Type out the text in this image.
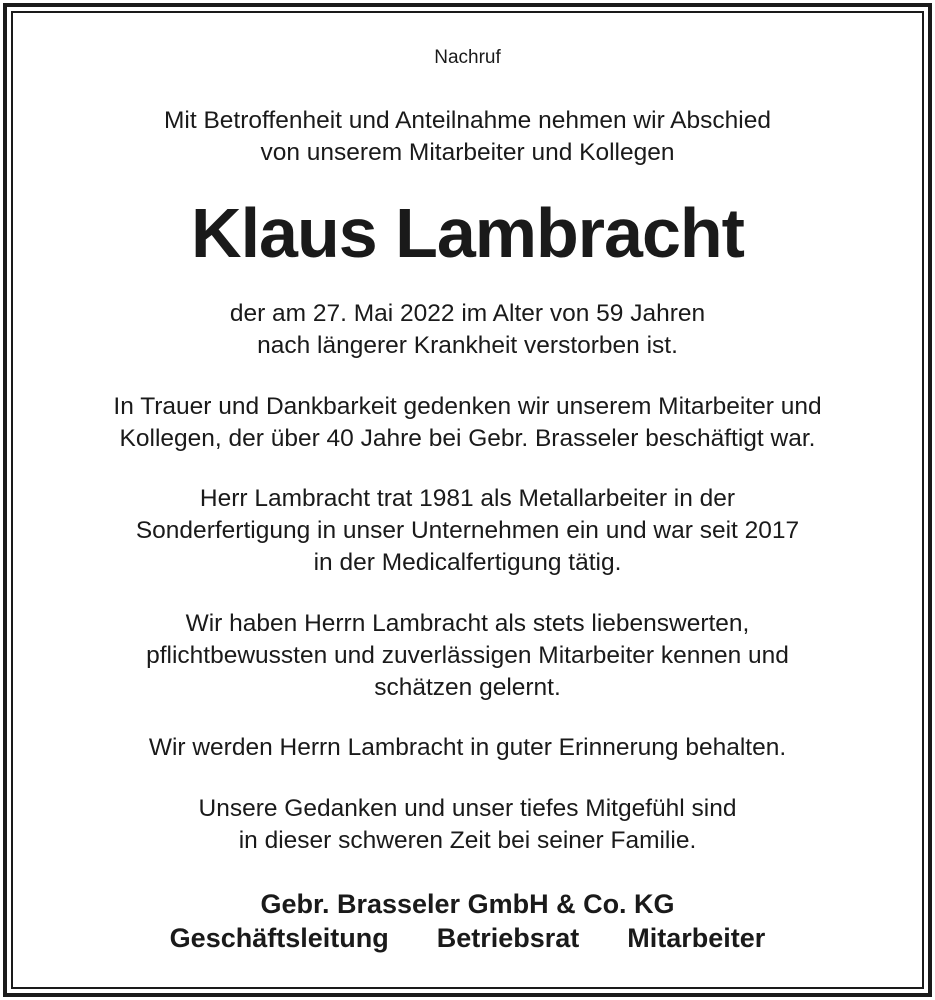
Nachruf
Mit Betroffenheit und Anteilnahme nehmen wir Abschied
von unserem Mitarbeiter und Kollegen
Klaus Lambracht
der am 27. Mai 2022 im Alter von 59 Jahren
nach längerer Krankheit verstorben ist.
In Trauer und Dankbarkeit gedenken wir unserem Mitarbeiter und
Kollegen, der über 40 Jahre bei Gebr. Brasseler beschäftigt war.
Herr Lambracht trat 1981 als Metallarbeiter in der
Sonderfertigung in unser Unternehmen ein und war seit 2017
in der Medicalfertigung tätig.
Wir haben Herrn Lambracht als stets liebenswerten,
pflichtbewussten und zuverlässigen Mitarbeiter kennen und
schätzen gelernt.
Wir werden Herrn Lambracht in guter Erinnerung behalten.
Unsere Gedanken und unser tiefes Mitgefühl sind
in dieser schweren Zeit bei seiner Familie.
Gebr. Brasseler GmbH & Co. KG
Geschäftsleitung Betriebsrat Mitarbeiter
